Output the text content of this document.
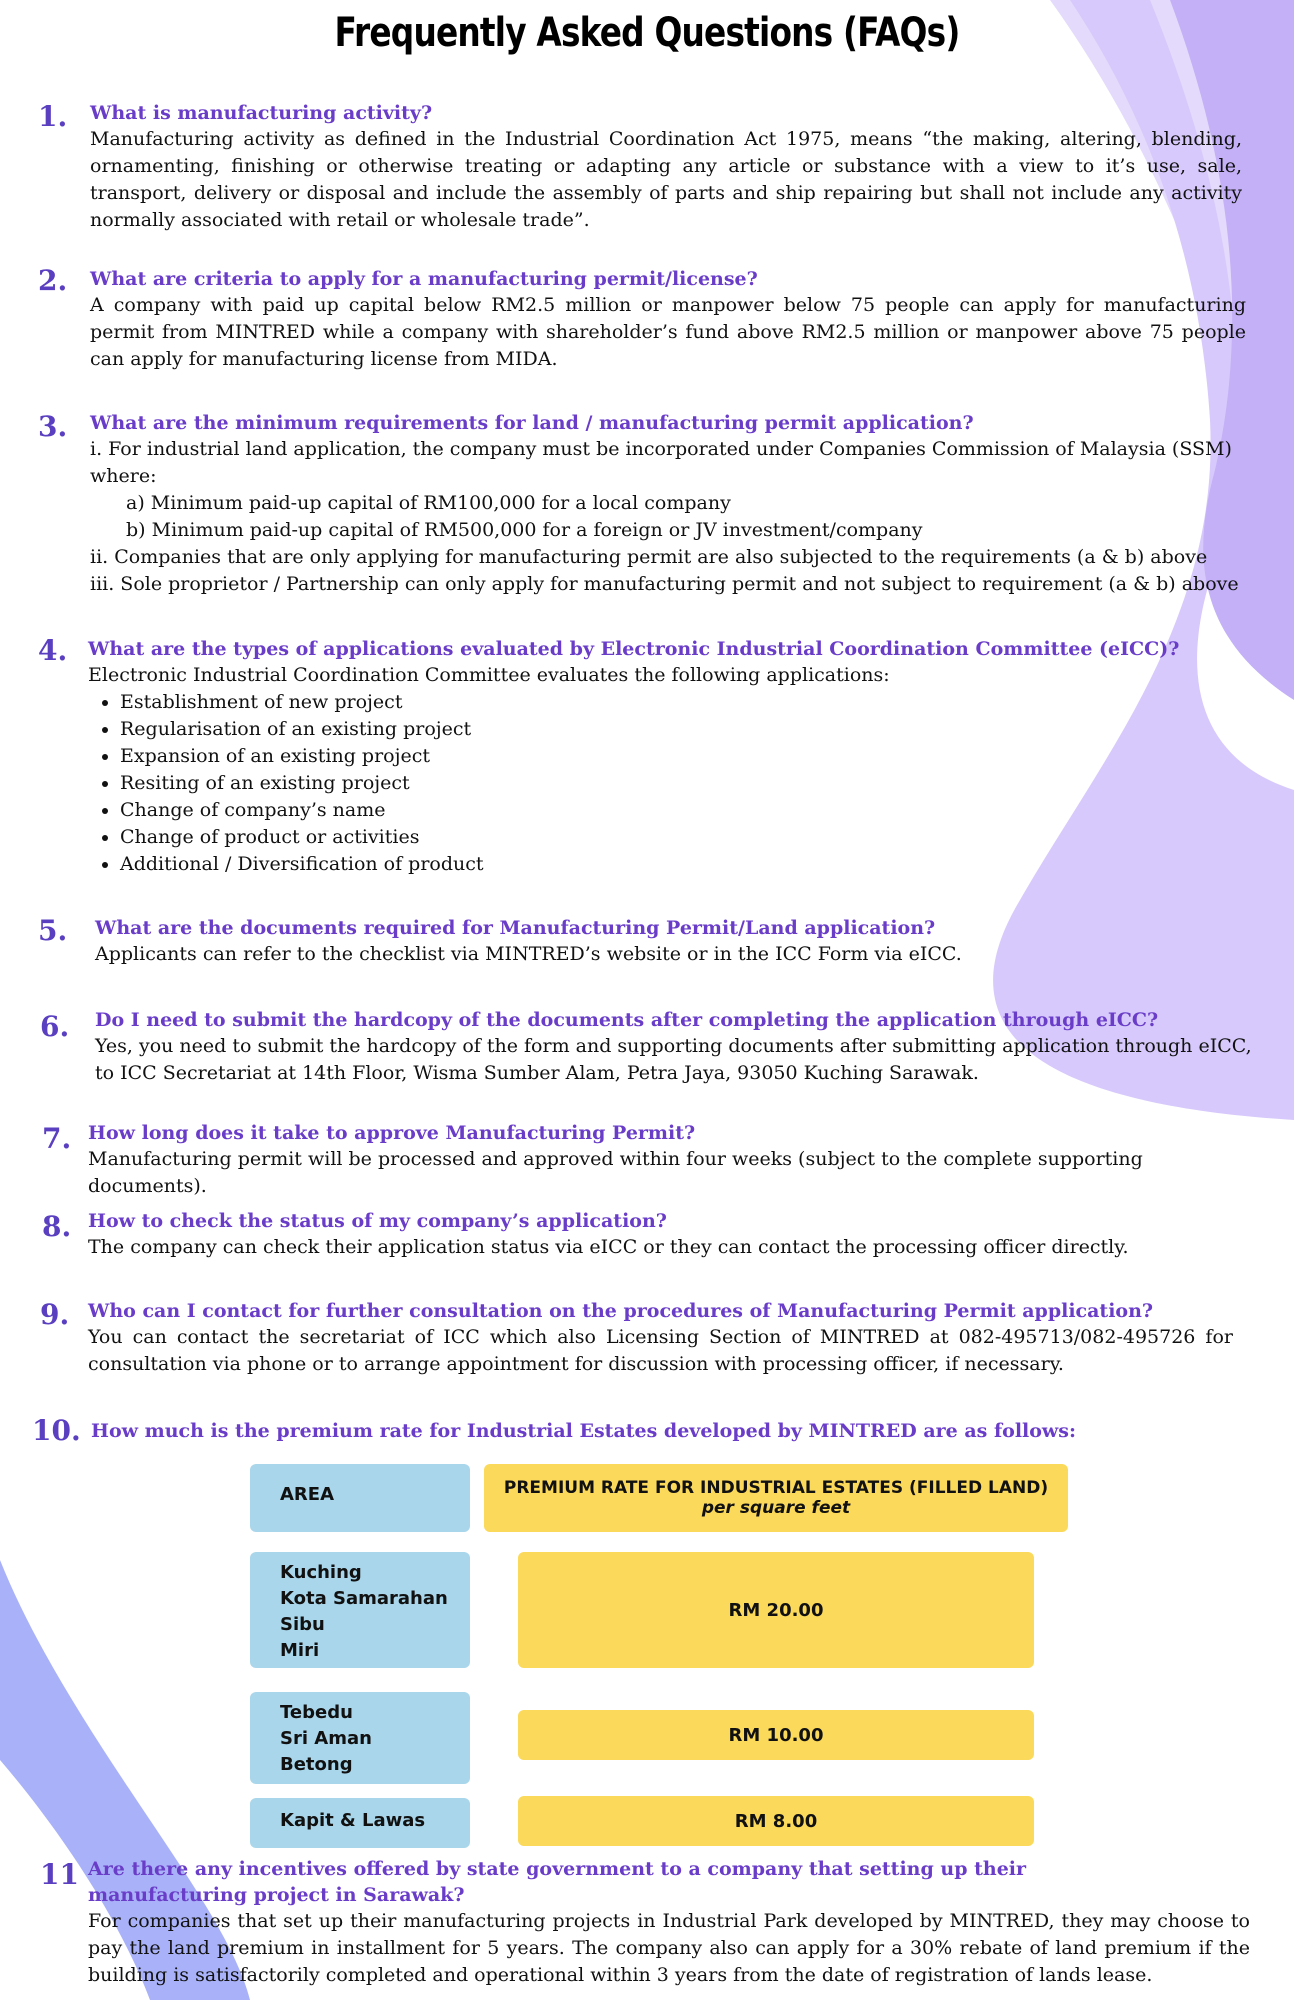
Frequently Asked Questions (FAQs)
1. What is manufacturing activity?
Manufacturing activity as defined in the Industrial Coordination Act 1975, means “the making, altering, blending, ornamenting, finishing or otherwise treating or adapting any article or substance with a view to it’s use, sale, transport, delivery or disposal and include the assembly of parts and ship repairing but shall not include any activity normally associated with retail or wholesale trade”.
2. What are criteria to apply for a manufacturing permit/license?
A company with paid up capital below RM2.5 million or manpower below 75 people can apply for manufacturing permit from MINTRED while a company with shareholder’s fund above RM2.5 million or manpower above 75 people can apply for manufacturing license from MIDA.
3. What are the minimum requirements for land / manufacturing permit application?
i. For industrial land application, the company must be incorporated under Companies Commission of Malaysia (SSM) where:
a) Minimum paid-up capital of RM100,000 for a local company
b) Minimum paid-up capital of RM500,000 for a foreign or JV investment/company
ii. Companies that are only applying for manufacturing permit are also subjected to the requirements (a & b) above
iii. Sole proprietor / Partnership can only apply for manufacturing permit and not subject to requirement (a & b) above
4. What are the types of applications evaluated by Electronic Industrial Coordination Committee (eICC)?
Electronic Industrial Coordination Committee evaluates the following applications:
• Establishment of new project
• Regularisation of an existing project
• Expansion of an existing project
• Resiting of an existing project
• Change of company’s name
• Change of product or activities
• Additional / Diversification of product
5. What are the documents required for Manufacturing Permit/Land application?
Applicants can refer to the checklist via MINTRED’s website or in the ICC Form via eICC.
6. Do I need to submit the hardcopy of the documents after completing the application through eICC?
Yes, you need to submit the hardcopy of the form and supporting documents after submitting application through eICC, to ICC Secretariat at 14th Floor, Wisma Sumber Alam, Petra Jaya, 93050 Kuching Sarawak.
7. How long does it take to approve Manufacturing Permit?
Manufacturing permit will be processed and approved within four weeks (subject to the complete supporting documents).
8. How to check the status of my company’s application?
The company can check their application status via eICC or they can contact the processing officer directly.
9. Who can I contact for further consultation on the procedures of Manufacturing Permit application?
You can contact the secretariat of ICC which also Licensing Section of MINTRED at 082-495713/082-495726 for consultation via phone or to arrange appointment for discussion with processing officer, if necessary.
10. How much is the premium rate for Industrial Estates developed by MINTRED are as follows:
AREA	PREMIUM RATE FOR INDUSTRIAL ESTATES (FILLED LAND)
per square feet
Kuching
Kota Samarahan
Sibu
Miri
RM 20.00
Tebedu
Sri Aman
Betong
RM 10.00
Kapit & Lawas	RM 8.00
11 Are there any incentives offered by state government to a company that setting up their manufacturing project in Sarawak?
For companies that set up their manufacturing projects in Industrial Park developed by MINTRED, they may choose to pay the land premium in installment for 5 years. The company also can apply for a 30% rebate of land premium if the building is satisfactorily completed and operational within 3 years from the date of registration of lands lease.
